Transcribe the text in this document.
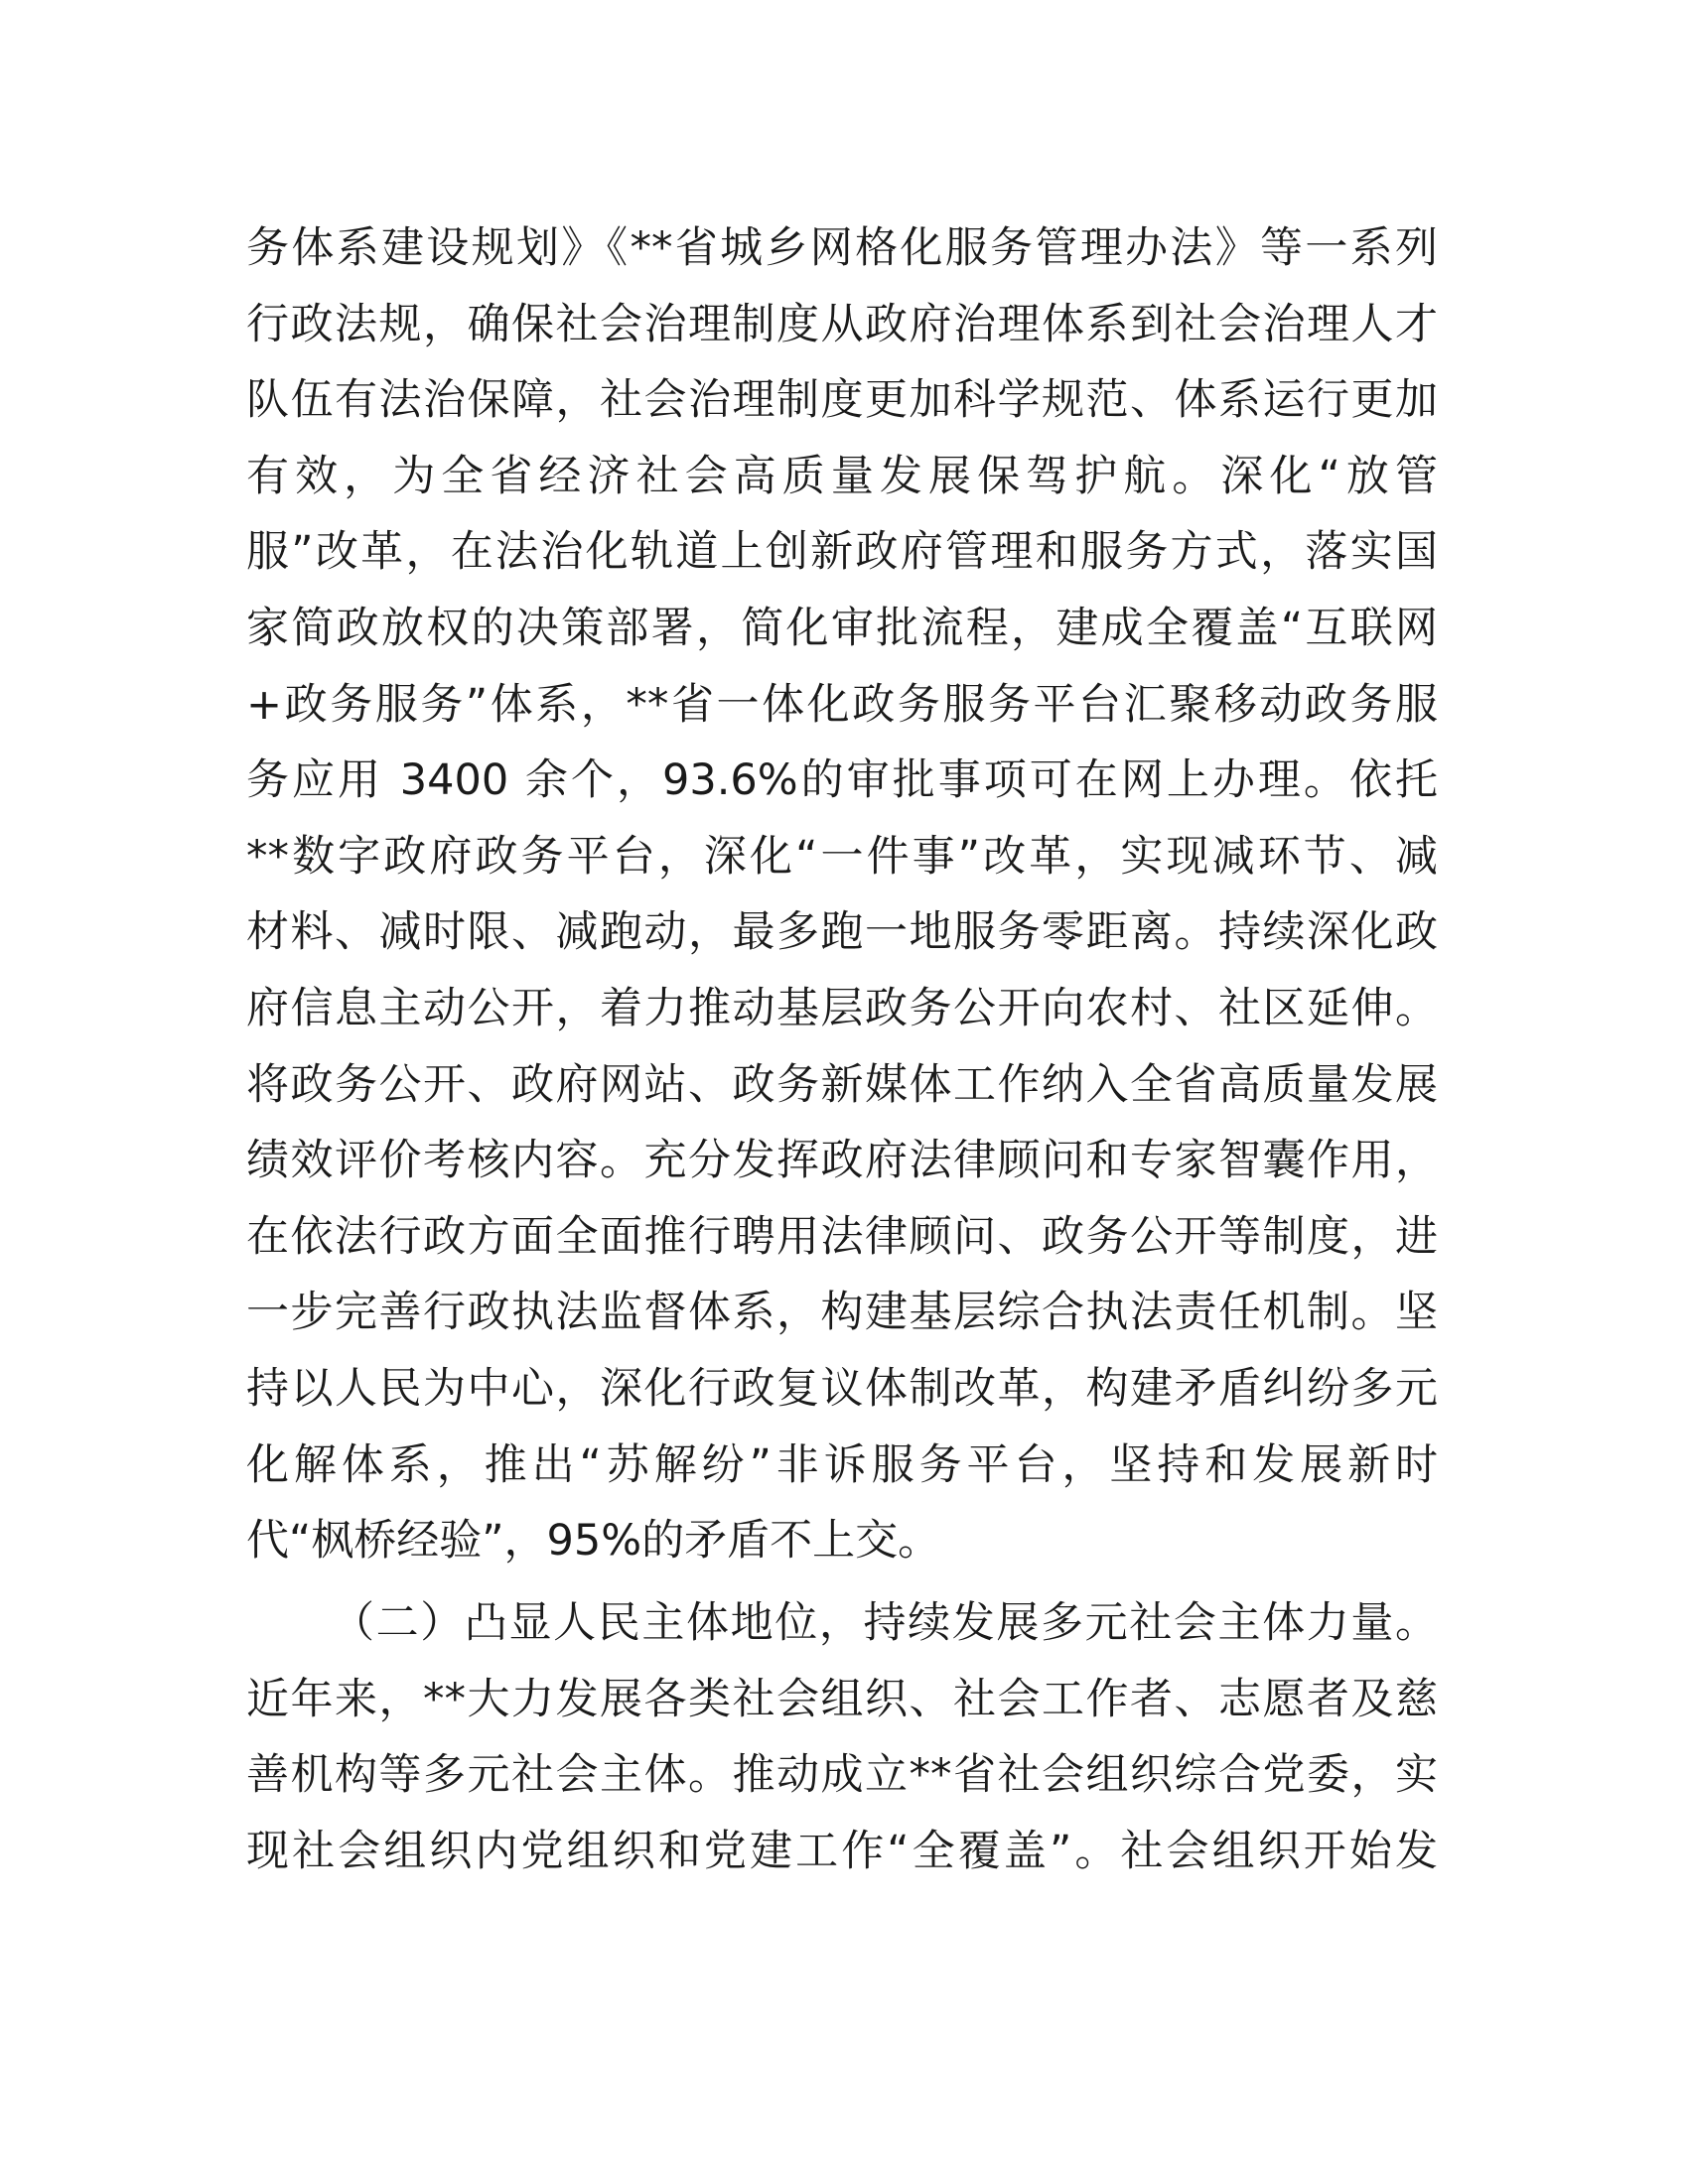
务体系建设规划》《**省城乡网格化服务管理办法》等一系列
行政法规，确保社会治理制度从政府治理体系到社会治理人才
队伍有法治保障，社会治理制度更加科学规范、体系运行更加
有效，为全省经济社会高质量发展保驾护航。深化“放管
服”改革，在法治化轨道上创新政府管理和服务方式，落实国
家简政放权的决策部署，简化审批流程，建成全覆盖“互联网
+政务服务”体系，**省一体化政务服务平台汇聚移动政务服
务应用 3400 余个，93.6%的审批事项可在网上办理。依托
**数字政府政务平台，深化“一件事”改革，实现减环节、减
材料、减时限、减跑动，最多跑一地服务零距离。持续深化政
府信息主动公开，着力推动基层政务公开向农村、社区延伸。
将政务公开、政府网站、政务新媒体工作纳入全省高质量发展
绩效评价考核内容。充分发挥政府法律顾问和专家智囊作用，
在依法行政方面全面推行聘用法律顾问、政务公开等制度，进
一步完善行政执法监督体系，构建基层综合执法责任机制。坚
持以人民为中心，深化行政复议体制改革，构建矛盾纠纷多元
化解体系，推出“苏解纷”非诉服务平台，坚持和发展新时
代“枫桥经验”，95%的矛盾不上交。
（二）凸显人民主体地位，持续发展多元社会主体力量。
近年来，**大力发展各类社会组织、社会工作者、志愿者及慈
善机构等多元社会主体。推动成立**省社会组织综合党委，实
现社会组织内党组织和党建工作“全覆盖”。社会组织开始发
